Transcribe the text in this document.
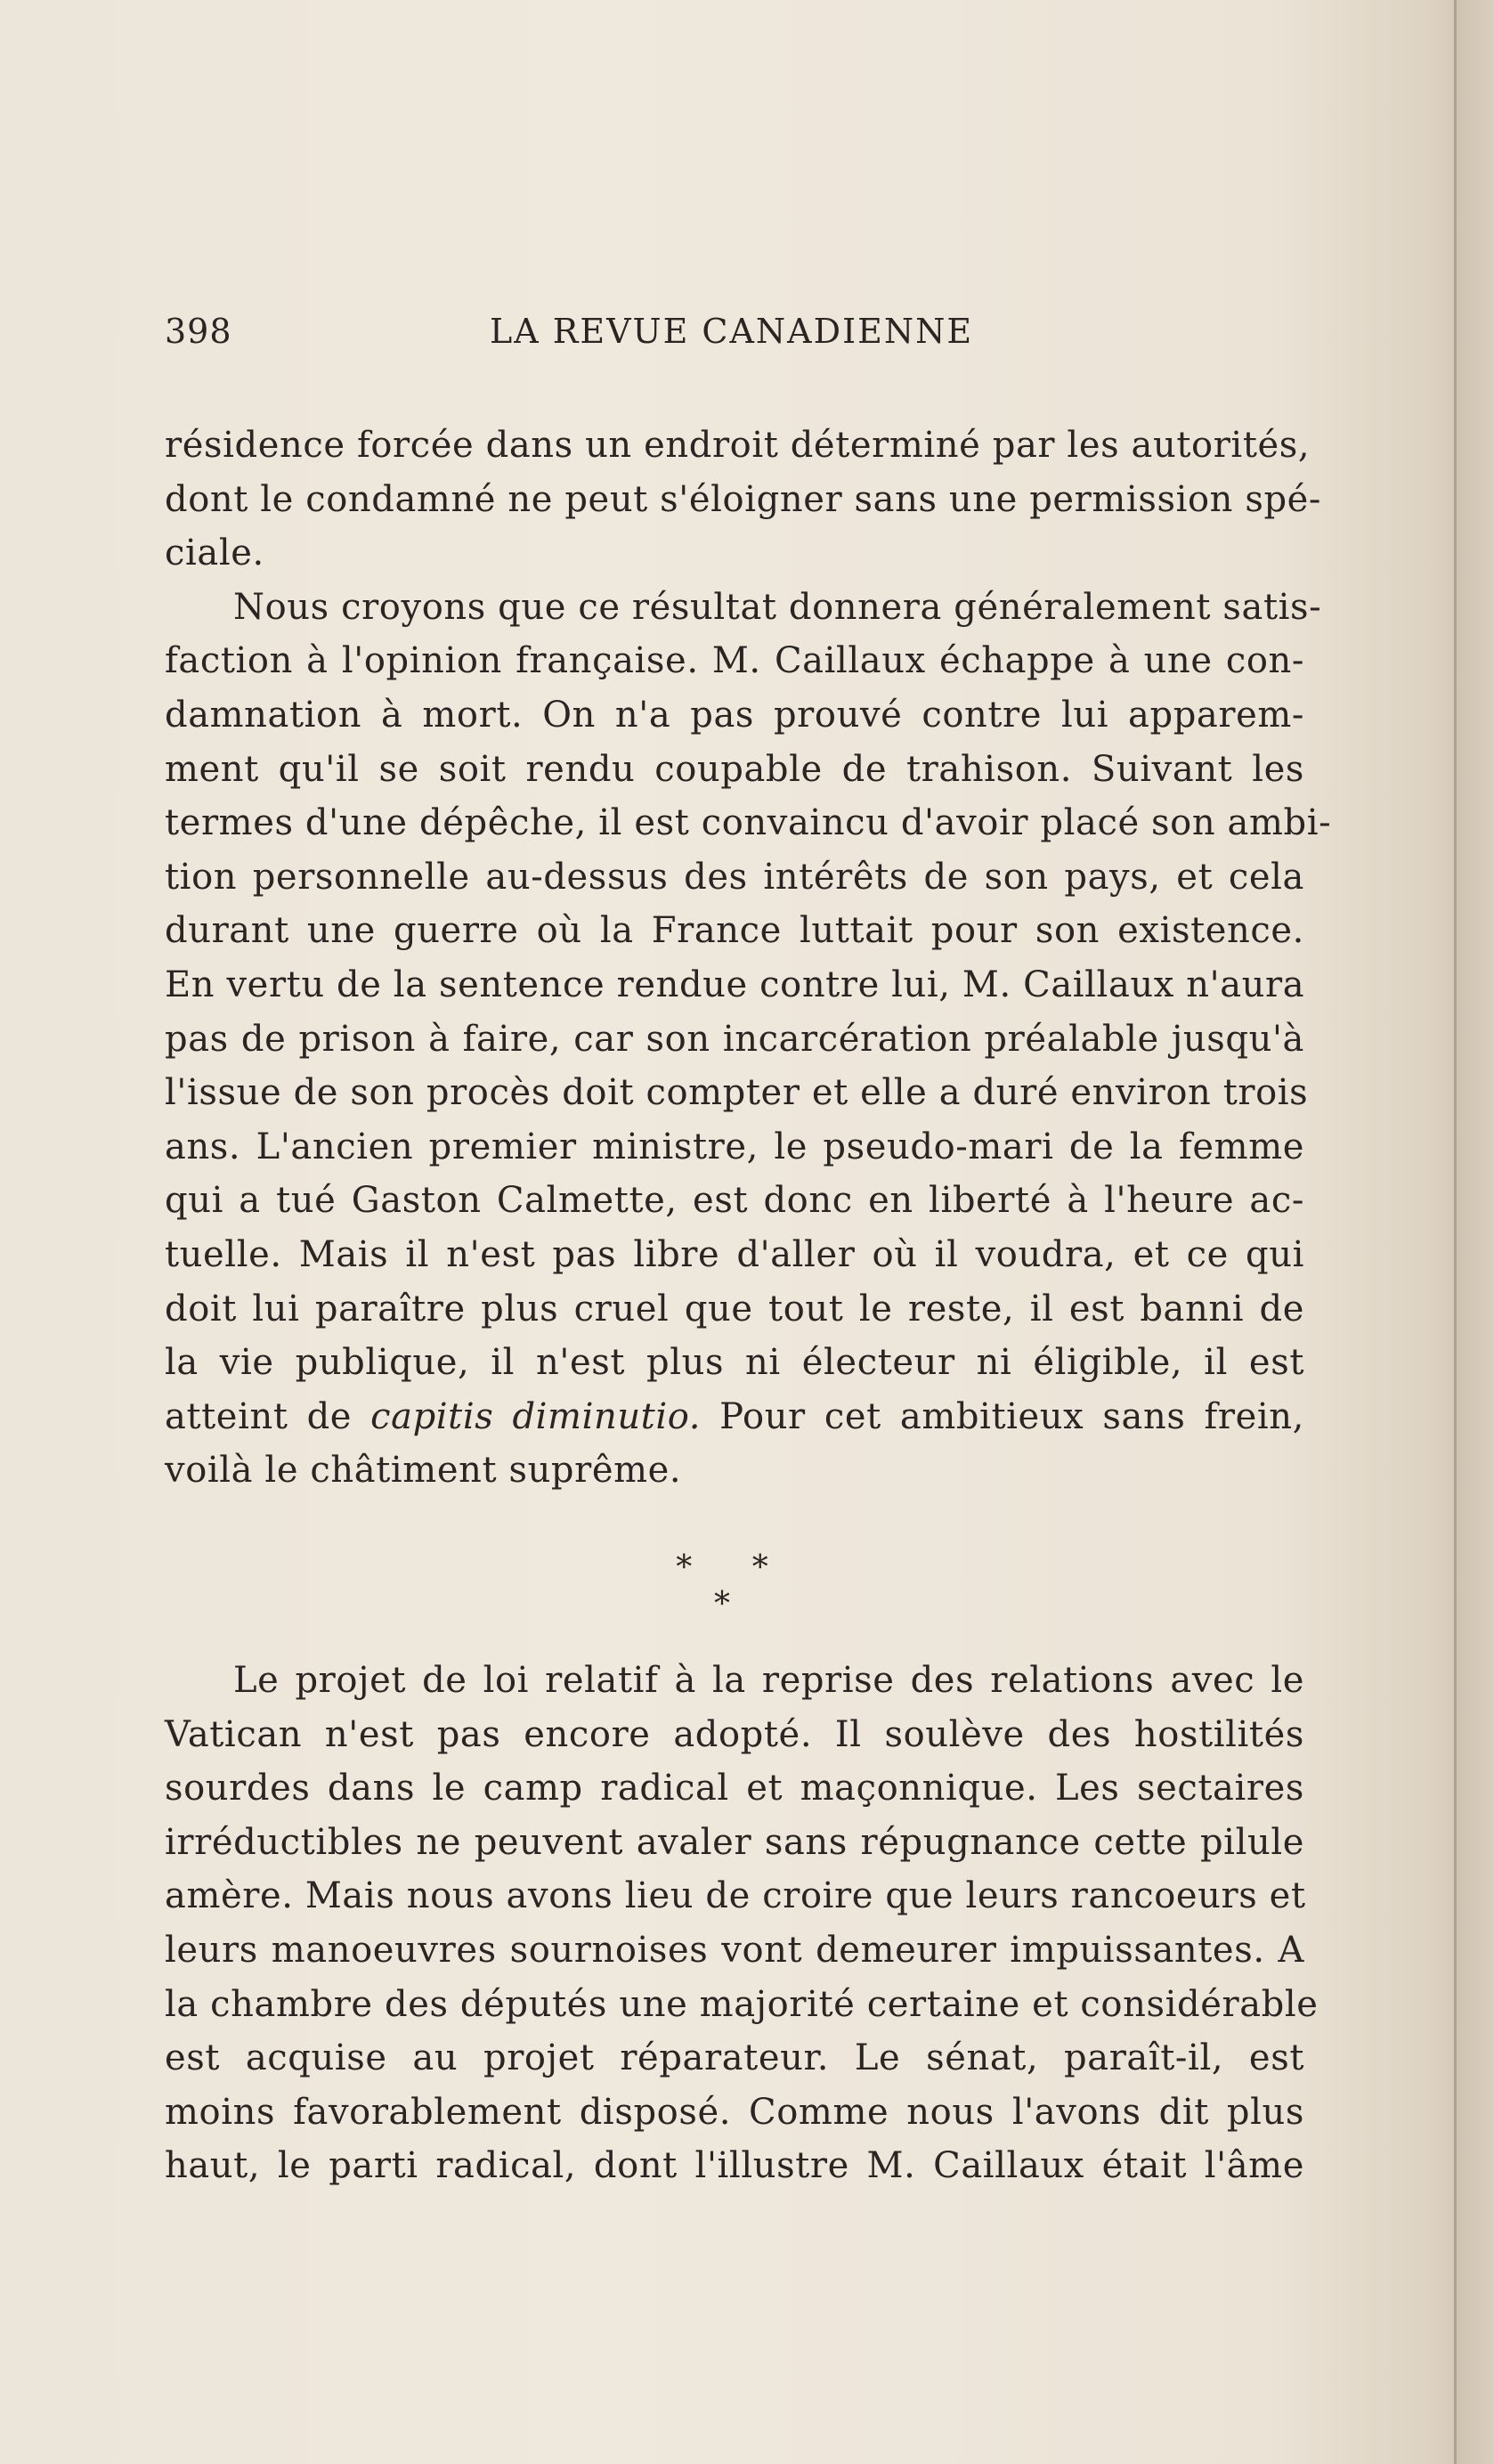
398	LA REVUE CANADIENNE
résidence forcée dans un endroit déterminé par les autorités,
dont le condamné ne peut s'éloigner sans une permission spé-
ciale.
Nous croyons que ce résultat donnera généralement satis-
faction à l'opinion française. M. Caillaux échappe à une con-
damnation à mort. On n'a pas prouvé contre lui apparem-
ment qu'il se soit rendu coupable de trahison. Suivant les
termes d'une dépêche, il est convaincu d'avoir placé son ambi-
tion personnelle au-dessus des intérêts de son pays, et cela
durant une guerre où la France luttait pour son existence.
En vertu de la sentence rendue contre lui, M. Caillaux n'aura
pas de prison à faire, car son incarcération préalable jusqu'à
l'issue de son procès doit compter et elle a duré environ trois
ans. L'ancien premier ministre, le pseudo-mari de la femme
qui a tué Gaston Calmette, est donc en liberté à l'heure ac-
tuelle. Mais il n'est pas libre d'aller où il voudra, et ce qui
doit lui paraître plus cruel que tout le reste, il est banni de
la vie publique, il n'est plus ni électeur ni éligible, il est
atteint de capitis diminutio. Pour cet ambitieux sans frein,
voilà le châtiment suprême.
* * *
Le projet de loi relatif à la reprise des relations avec le
Vatican n'est pas encore adopté. Il soulève des hostilités
sourdes dans le camp radical et maçonnique. Les sectaires
irréductibles ne peuvent avaler sans répugnance cette pilule
amère. Mais nous avons lieu de croire que leurs rancoeurs et
leurs manoeuvres sournoises vont demeurer impuissantes. A
la chambre des députés une majorité certaine et considérable
est acquise au projet réparateur. Le sénat, paraît-il, est
moins favorablement disposé. Comme nous l'avons dit plus
haut, le parti radical, dont l'illustre M. Caillaux était l'âme
